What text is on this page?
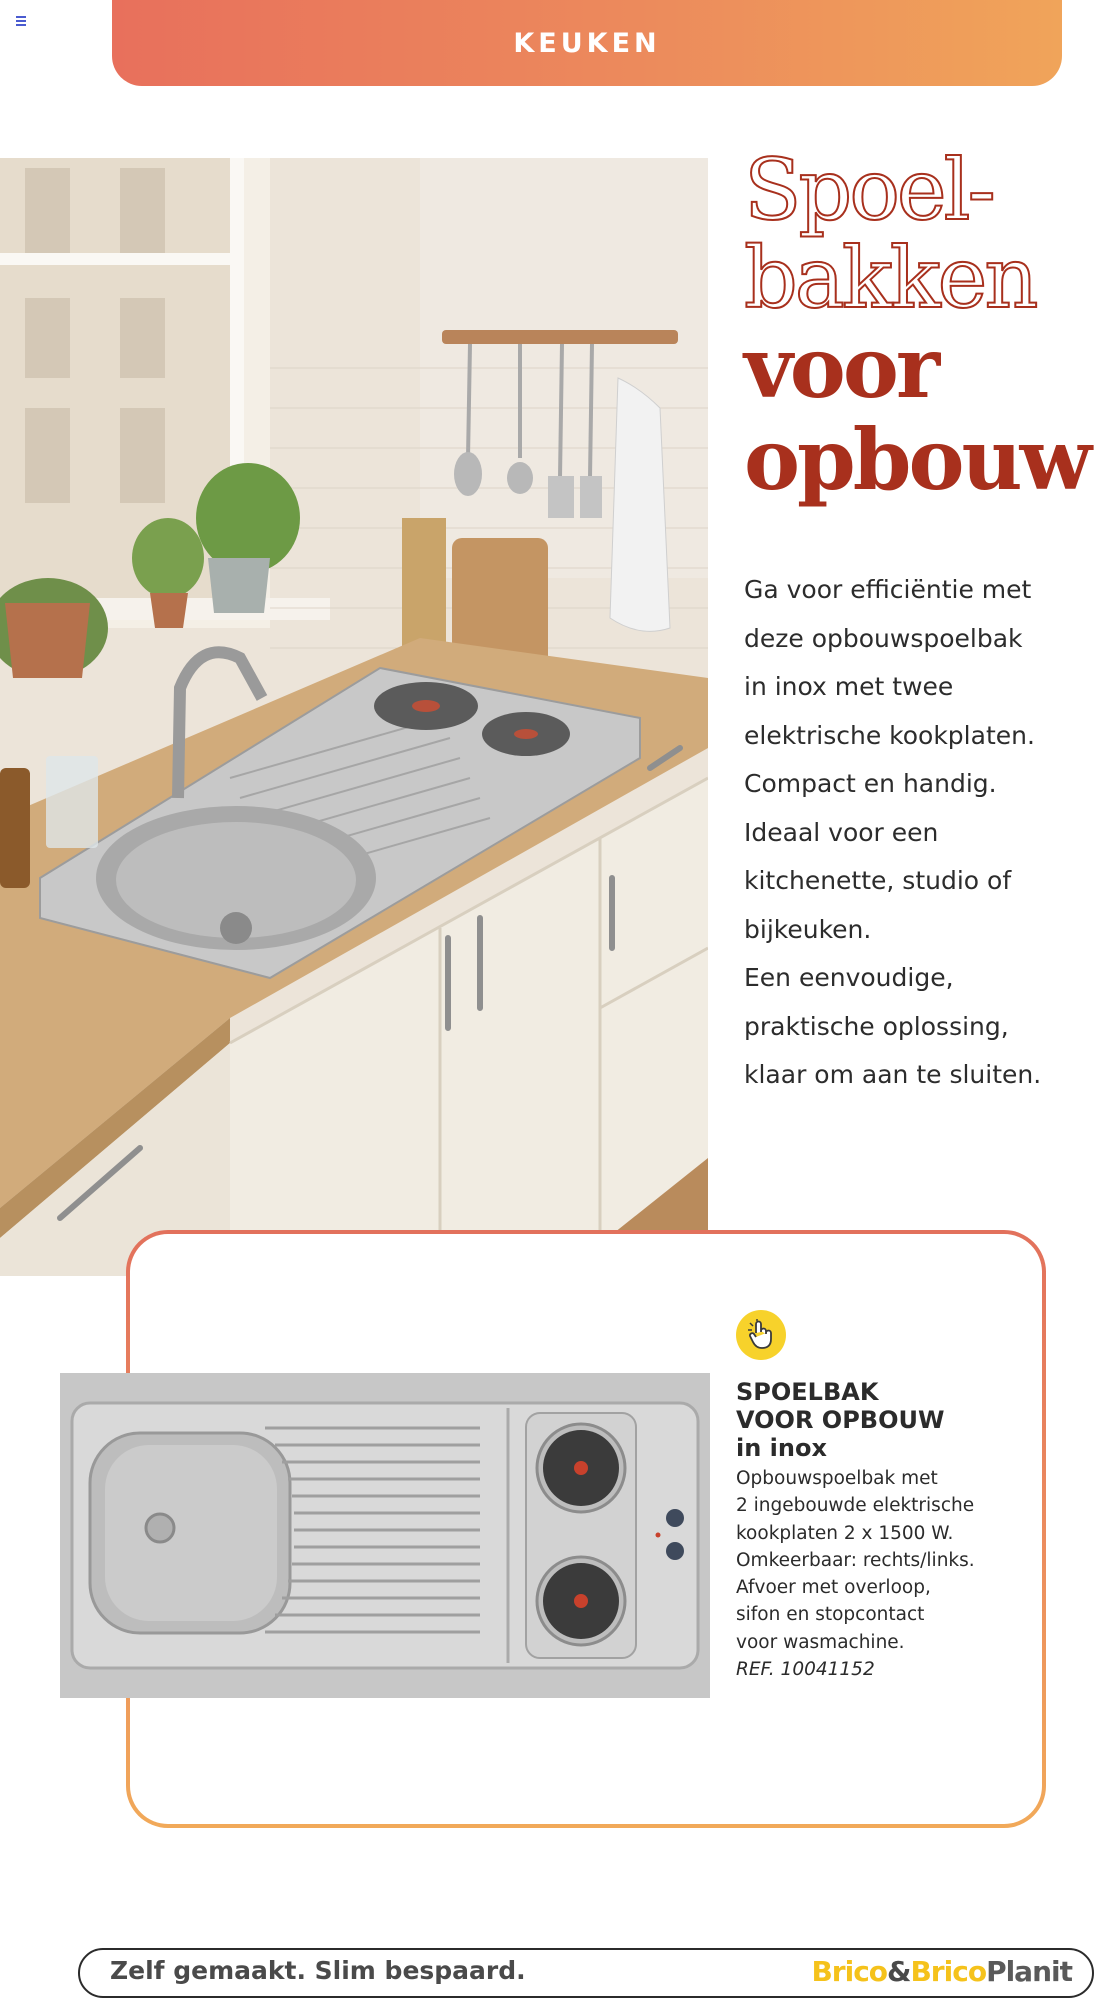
KEUKEN
Spoel-
bakken
voor
opbouw
Ga voor efficiëntie met
deze opbouwspoelbak
in inox met twee
elektrische kookplaten.
Compact en handig.
Ideaal voor een
kitchenette, studio of
bijkeuken.
Een eenvoudige,
praktische oplossing,
klaar om aan te sluiten.
SPOELBAK
VOOR OPBOUW
in inox
Opbouwspoelbak met
2 ingebouwde elektrische
kookplaten 2 x 1500 W.
Omkeerbaar: rechts/links.
Afvoer met overloop,
sifon en stopcontact
voor wasmachine.
REF. 10041152
Zelf gemaakt. Slim bespaard.	Brico&BricoPlanit
